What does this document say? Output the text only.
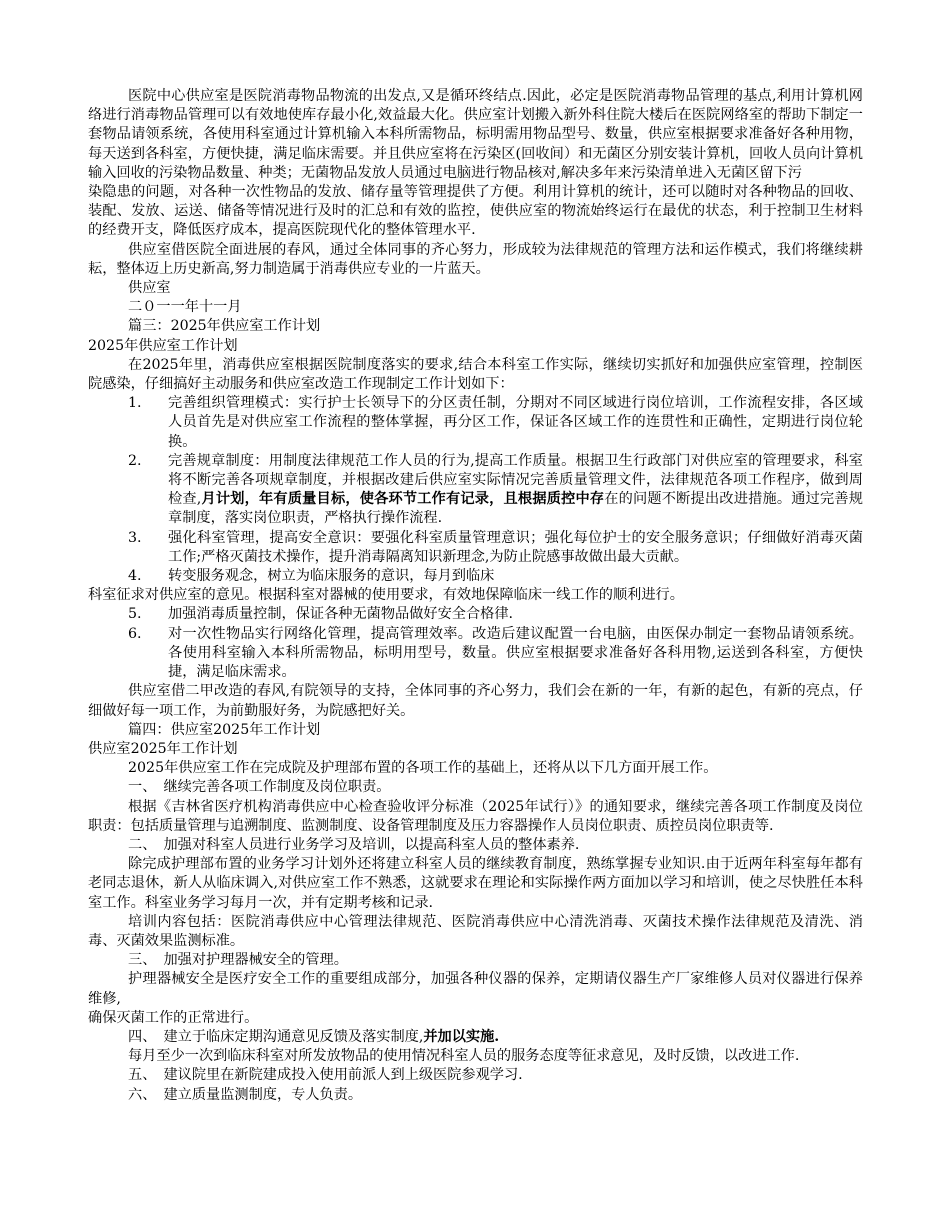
医院中心供应室是医院消毒物品物流的出发点,又是循环终结点.因此，必定是医院消毒物品管理的基点,利用计算机网络进行消毒物品管理可以有效地使库存最小化,效益最大化。供应室计划搬入新外科住院大楼后在医院网络室的帮助下制定一套物品请领系统，各使用科室通过计算机输入本科所需物品，标明需用物品型号、数量，供应室根据要求准备好各种用物，每天送到各科室，方便快捷，满足临床需要。并且供应室将在污染区(回收间）和无菌区分别安装计算机，回收人员向计算机输入回收的污染物品数量、种类；无菌物品发放人员通过电脑进行物品核对,解决多年来污染清单进入无菌区留下污

染隐患的问题，对各种一次性物品的发放、储存量等管理提供了方便。利用计算机的统计，还可以随时对各种物品的回收、装配、发放、运送、储备等情况进行及时的汇总和有效的监控，使供应室的物流始终运行在最优的状态，利于控制卫生材料的经费开支，降低医疗成本，提高医院现代化的整体管理水平.

供应室借医院全面进展的春风，通过全体同事的齐心努力，形成较为法律规范的管理方法和运作模式，我们将继续耕耘，整体迈上历史新高,努力制造属于消毒供应专业的一片蓝天。

供应室

二０一一年十一月

篇三：2025年供应室工作计划

2025年供应室工作计划

在2025年里，消毒供应室根据医院制度落实的要求,结合本科室工作实际，继续切实抓好和加强供应室管理，控制医院感染，仔细搞好主动服务和供应室改造工作现制定工作计划如下：

1.	完善组织管理模式：实行护士长领导下的分区责任制，分期对不同区域进行岗位培训，工作流程安排，各区域人员首先是对供应室工作流程的整体掌握，再分区工作，保证各区域工作的连贯性和正确性，定期进行岗位轮换。
2.	完善规章制度：用制度法律规范工作人员的行为,提高工作质量。根据卫生行政部门对供应室的管理要求，科室将不断完善各项规章制度，并根据改建后供应室实际情况完善质量管理文件，法律规范各项工作程序，做到周检查,月计划，年有质量目标，使各环节工作有记录，且根据质控中存在的问题不断提出改进措施。通过完善规章制度，落实岗位职责，严格执行操作流程.
3.	强化科室管理，提高安全意识：要强化科室质量管理意识；强化每位护士的安全服务意识；仔细做好消毒灭菌工作;严格灭菌技术操作，提升消毒隔离知识新理念,为防止院感事故做出最大贡献。
4.	转变服务观念，树立为临床服务的意识，每月到临床

科室征求对供应室的意见。根据科室对器械的使用要求，有效地保障临床一线工作的顺利进行。

5.	加强消毒质量控制，保证各种无菌物品做好安全合格律.
6.	对一次性物品实行网络化管理，提高管理效率。改造后建议配置一台电脑，由医保办制定一套物品请领系统。各使用科室输入本科所需物品，标明用型号，数量。供应室根据要求准备好各科用物,运送到各科室，方便快捷，满足临床需求。

供应室借二甲改造的春风,有院领导的支持，全体同事的齐心努力，我们会在新的一年，有新的起色，有新的亮点，仔细做好每一项工作，为前勤服好务，为院感把好关。

篇四：供应室2025年工作计划

供应室2025年工作计划

2025年供应室工作在完成院及护理部布置的各项工作的基础上，还将从以下几方面开展工作。

一、　继续完善各项工作制度及岗位职责。

根据《吉林省医疗机构消毒供应中心检查验收评分标准（2025年试行）》的通知要求，继续完善各项工作制度及岗位职责：包括质量管理与追溯制度、监测制度、设备管理制度及压力容器操作人员岗位职责、质控员岗位职责等.

二、　加强对科室人员进行业务学习及培训，以提高科室人员的整体素养.

除完成护理部布置的业务学习计划外还将建立科室人员的继续教育制度，熟练掌握专业知识.由于近两年科室每年都有老同志退休，新人从临床调入,对供应室工作不熟悉，这就要求在理论和实际操作两方面加以学习和培训，使之尽快胜任本科室工作。科室业务学习每月一次，并有定期考核和记录.

培训内容包括：医院消毒供应中心管理法律规范、医院消毒供应中心清洗消毒、灭菌技术操作法律规范及清洗、消毒、灭菌效果监测标准。

三、　加强对护理器械安全的管理。

护理器械安全是医疗安全工作的重要组成部分，加强各种仪器的保养，定期请仪器生产厂家维修人员对仪器进行保养维修,

确保灭菌工作的正常进行。

四、　建立于临床定期沟通意见反馈及落实制度,并加以实施.

每月至少一次到临床科室对所发放物品的使用情况科室人员的服务态度等征求意见，及时反馈，以改进工作.

五、　建议院里在新院建成投入使用前派人到上级医院参观学习.

六、　建立质量监测制度，专人负责。
